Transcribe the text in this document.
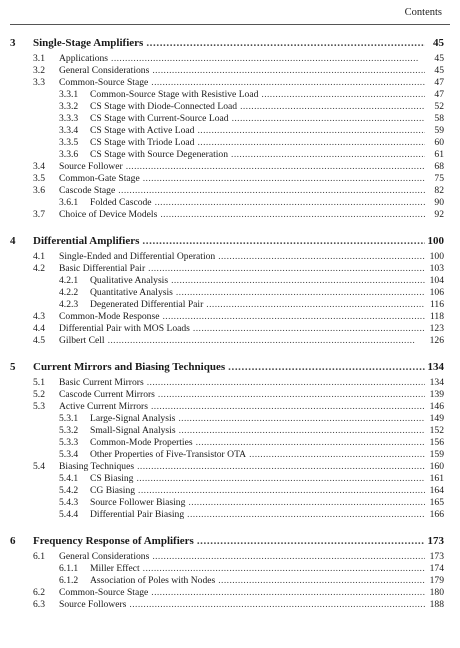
Contents
3	Single-Stage Amplifiers .....	45
3.1	Applications . . .	45
3.2	General Considerations . . .	45
3.3	Common-Source Stage . . .	47
3.3.1	Common-Source Stage with Resistive Load . . .	47
3.3.2	CS Stage with Diode-Connected Load . . .	52
3.3.3	CS Stage with Current-Source Load . . .	58
3.3.4	CS Stage with Active Load . . .	59
3.3.5	CS Stage with Triode Load . . .	60
3.3.6	CS Stage with Source Degeneration . . .	61
3.4	Source Follower . . .	68
3.5	Common-Gate Stage . . .	75
3.6	Cascode Stage . . .	82
3.6.1	Folded Cascode . . .	90
3.7	Choice of Device Models . . .	92
4	Differential Amplifiers .....	100
4.1	Single-Ended and Differential Operation . . .	100
4.2	Basic Differential Pair . . .	103
4.2.1	Qualitative Analysis . . .	104
4.2.2	Quantitative Analysis . . .	106
4.2.3	Degenerated Differential Pair . . .	116
4.3	Common-Mode Response . . .	118
4.4	Differential Pair with MOS Loads . . .	123
4.5	Gilbert Cell . . .	126
5	Current Mirrors and Biasing Techniques .....	134
5.1	Basic Current Mirrors . . .	134
5.2	Cascode Current Mirrors . . .	139
5.3	Active Current Mirrors . . .	146
5.3.1	Large-Signal Analysis . . .	149
5.3.2	Small-Signal Analysis . . .	152
5.3.3	Common-Mode Properties . . .	156
5.3.4	Other Properties of Five-Transistor OTA . . .	159
5.4	Biasing Techniques . . .	160
5.4.1	CS Biasing . . .	161
5.4.2	CG Biasing . . .	164
5.4.3	Source Follower Biasing . . .	165
5.4.4	Differential Pair Biasing . . .	166
6	Frequency Response of Amplifiers .....	173
6.1	General Considerations . . .	173
6.1.1	Miller Effect . . .	174
6.1.2	Association of Poles with Nodes . . .	179
6.2	Common-Source Stage . . .	180
6.3	Source Followers . . .	188
